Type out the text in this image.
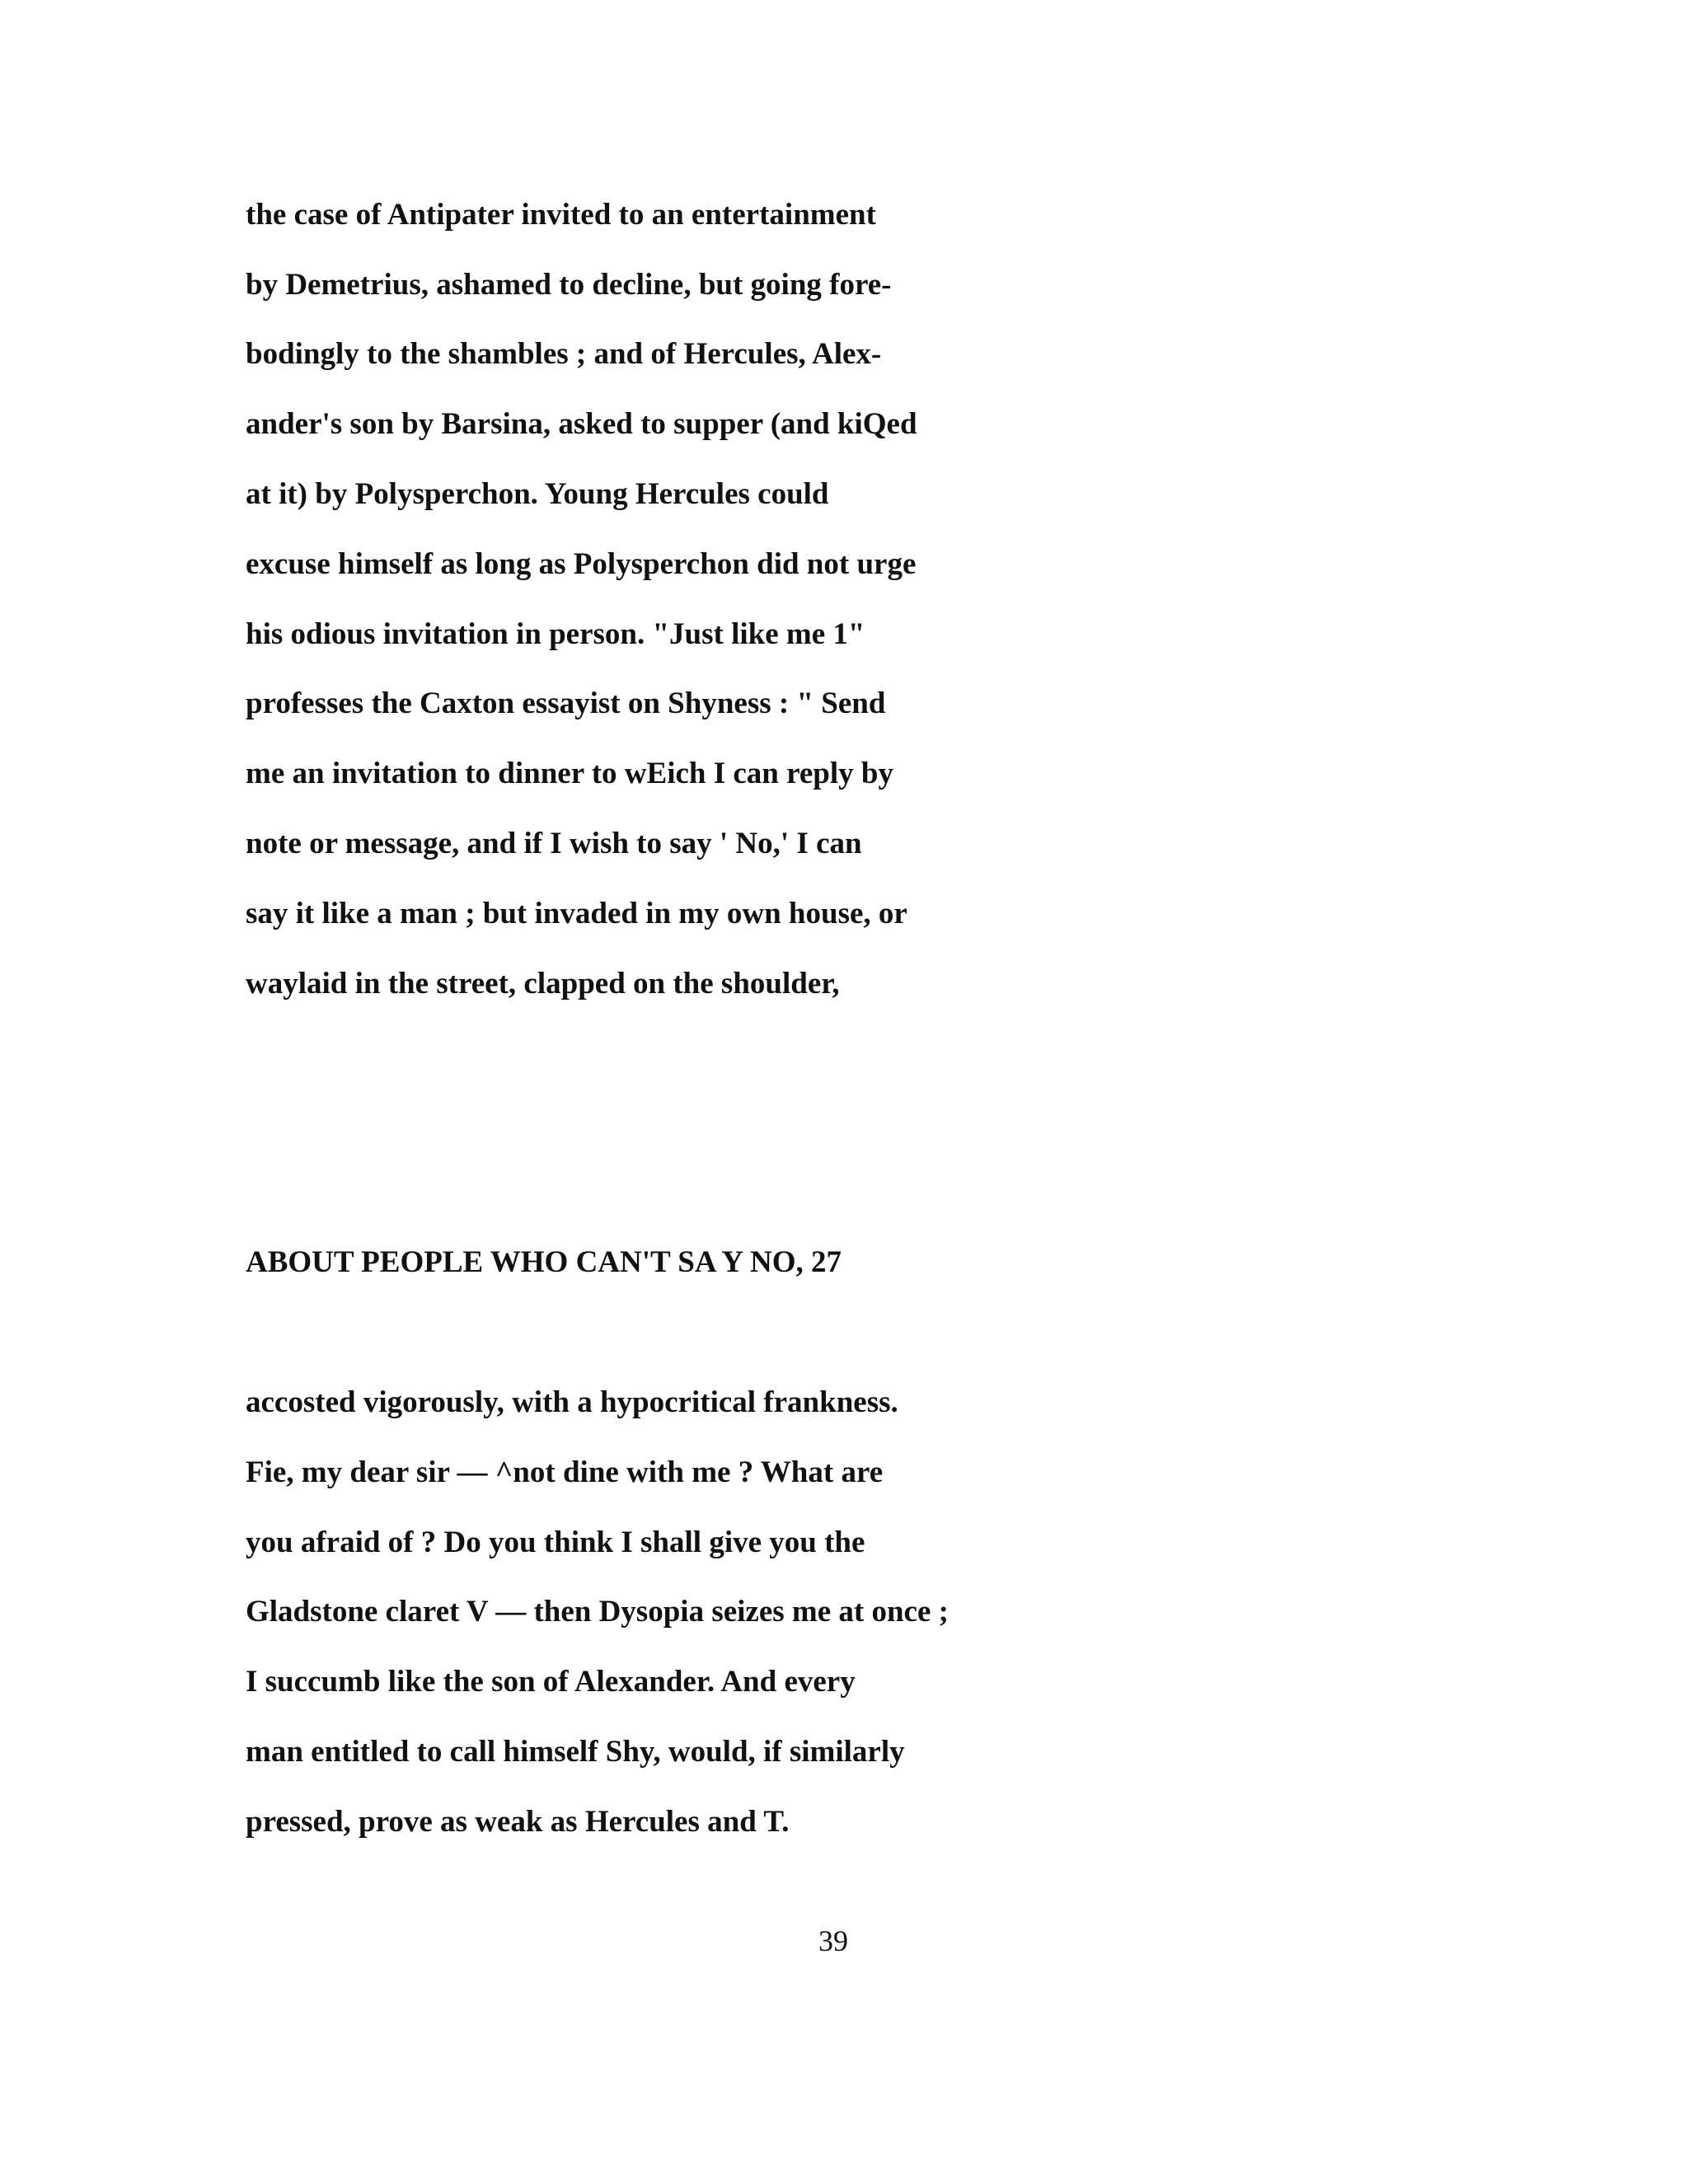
the case of Antipater invited to an entertainment

by Demetrius, ashamed to decline, but going fore-

bodingly to the shambles ; and of Hercules, Alex-

ander's son by Barsina, asked to supper (and kiQed

at it) by Polysperchon. Young Hercules could

excuse himself as long as Polysperchon did not urge

his odious invitation in person. "Just like me 1"

professes the Caxton essayist on Shyness : " Send

me an invitation to dinner to wEich I can reply by

note or message, and if I wish to say ' No,' I can

say it like a man ; but invaded in my own house, or

waylaid in the street, clapped on the shoulder,

ABOUT PEOPLE WHO CAN'T SA Y NO, 27

accosted vigorously, with a hypocritical frankness.

Fie, my dear sir — ^not dine with me ? What are

you afraid of ? Do you think I shall give you the

Gladstone claret V — then Dysopia seizes me at once ;

I succumb like the son of Alexander. And every

man entitled to call himself Shy, would, if similarly

pressed, prove as weak as Hercules and T.

39
